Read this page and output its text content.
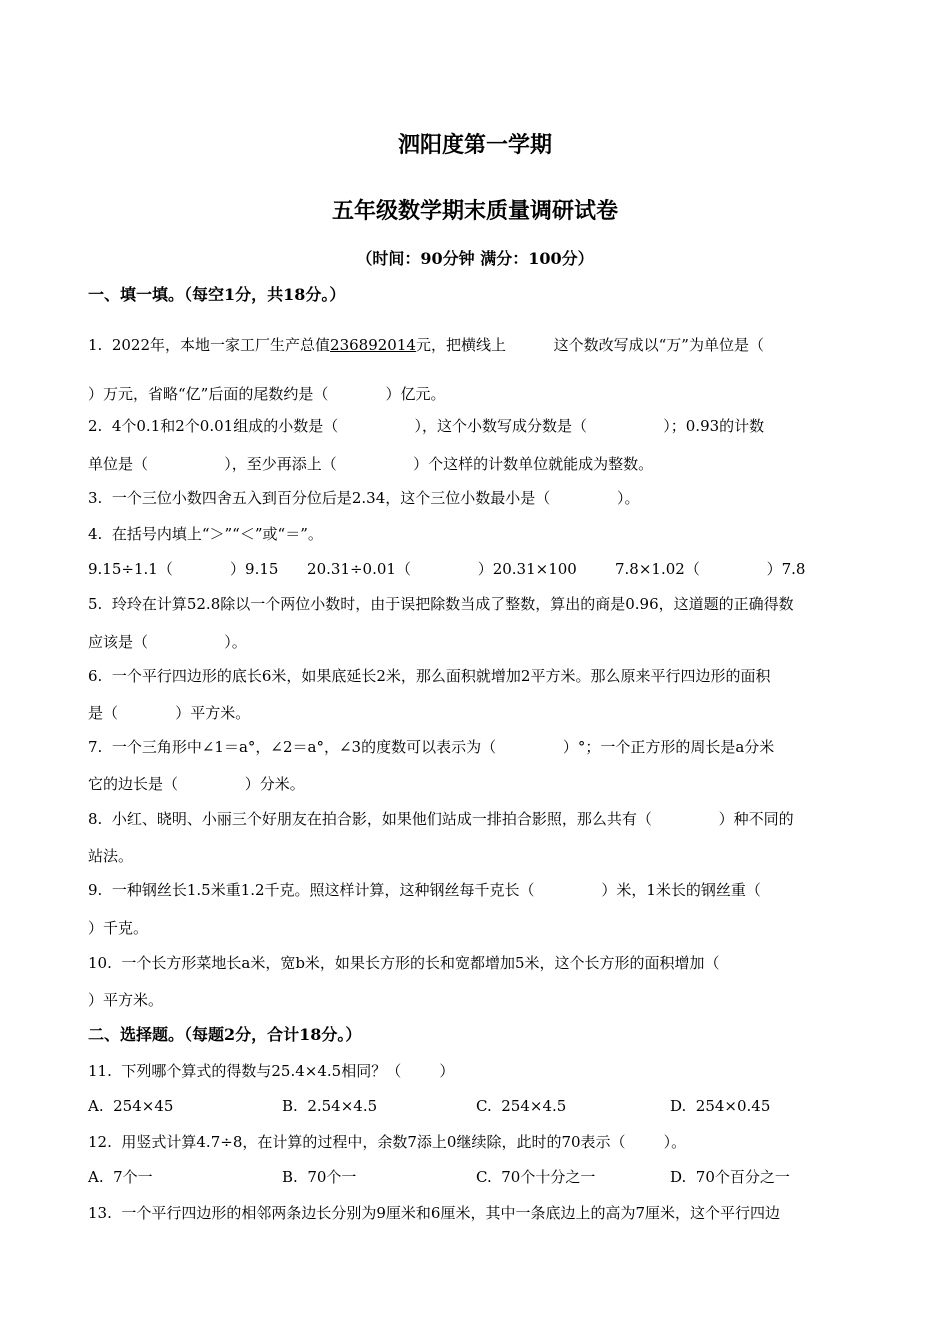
泗阳度第一学期
五年级数学期末质量调研试卷
（时间：90分钟 满分：100分）
一、填一填。（每空1分，共18分。）
1.  2022年，本地一家工厂生产总值236892014元，把横线上          这个数改写成以“万”为单位是（
）万元，省略“亿”后面的尾数约是（            ）亿元。
2.  4个0.1和2个0.01组成的小数是（                ），这个小数写成分数是（                ）；0.93的计数
单位是（                ），至少再添上（                ）个这样的计数单位就能成为整数。
3.  一个三位小数四舍五入到百分位后是2.34，这个三位小数最小是（              ）。
4.  在括号内填上“＞”“＜”或“＝”。
9.15÷1.1（            ）9.15      20.31÷0.01（              ）20.31×100        7.8×1.02（              ）7.8
5.  玲玲在计算52.8除以一个两位小数时，由于误把除数当成了整数，算出的商是0.96，这道题的正确得数
应该是（                ）。
6.  一个平行四边形的底长6米，如果底延长2米，那么面积就增加2平方米。那么原来平行四边形的面积
是（            ）平方米。
7.  一个三角形中∠1＝a°，∠2＝a°，∠3的度数可以表示为（              ）°；一个正方形的周长是a分米
它的边长是（              ）分米。
8.  小红、晓明、小丽三个好朋友在拍合影，如果他们站成一排拍合影照，那么共有（              ）种不同的
站法。
9.  一种钢丝长1.5米重1.2千克。照这样计算，这种钢丝每千克长（              ）米，1米长的钢丝重（
）千克。
10.  一个长方形菜地长a米，宽b米，如果长方形的长和宽都增加5米，这个长方形的面积增加（
）平方米。
二、选择题。（每题2分，合计18分。）
11.  下列哪个算式的得数与25.4×4.5相同？（        ）
A.  254×45	B.  2.54×4.5	C.  254×4.5	D.  254×0.45
12.  用竖式计算4.7÷8，在计算的过程中，余数7添上0继续除，此时的70表示（        ）。
A.  7个一	B.  70个一	C.  70个十分之一	D.  70个百分之一
13.  一个平行四边形的相邻两条边长分别为9厘米和6厘米，其中一条底边上的高为7厘米，这个平行四边
